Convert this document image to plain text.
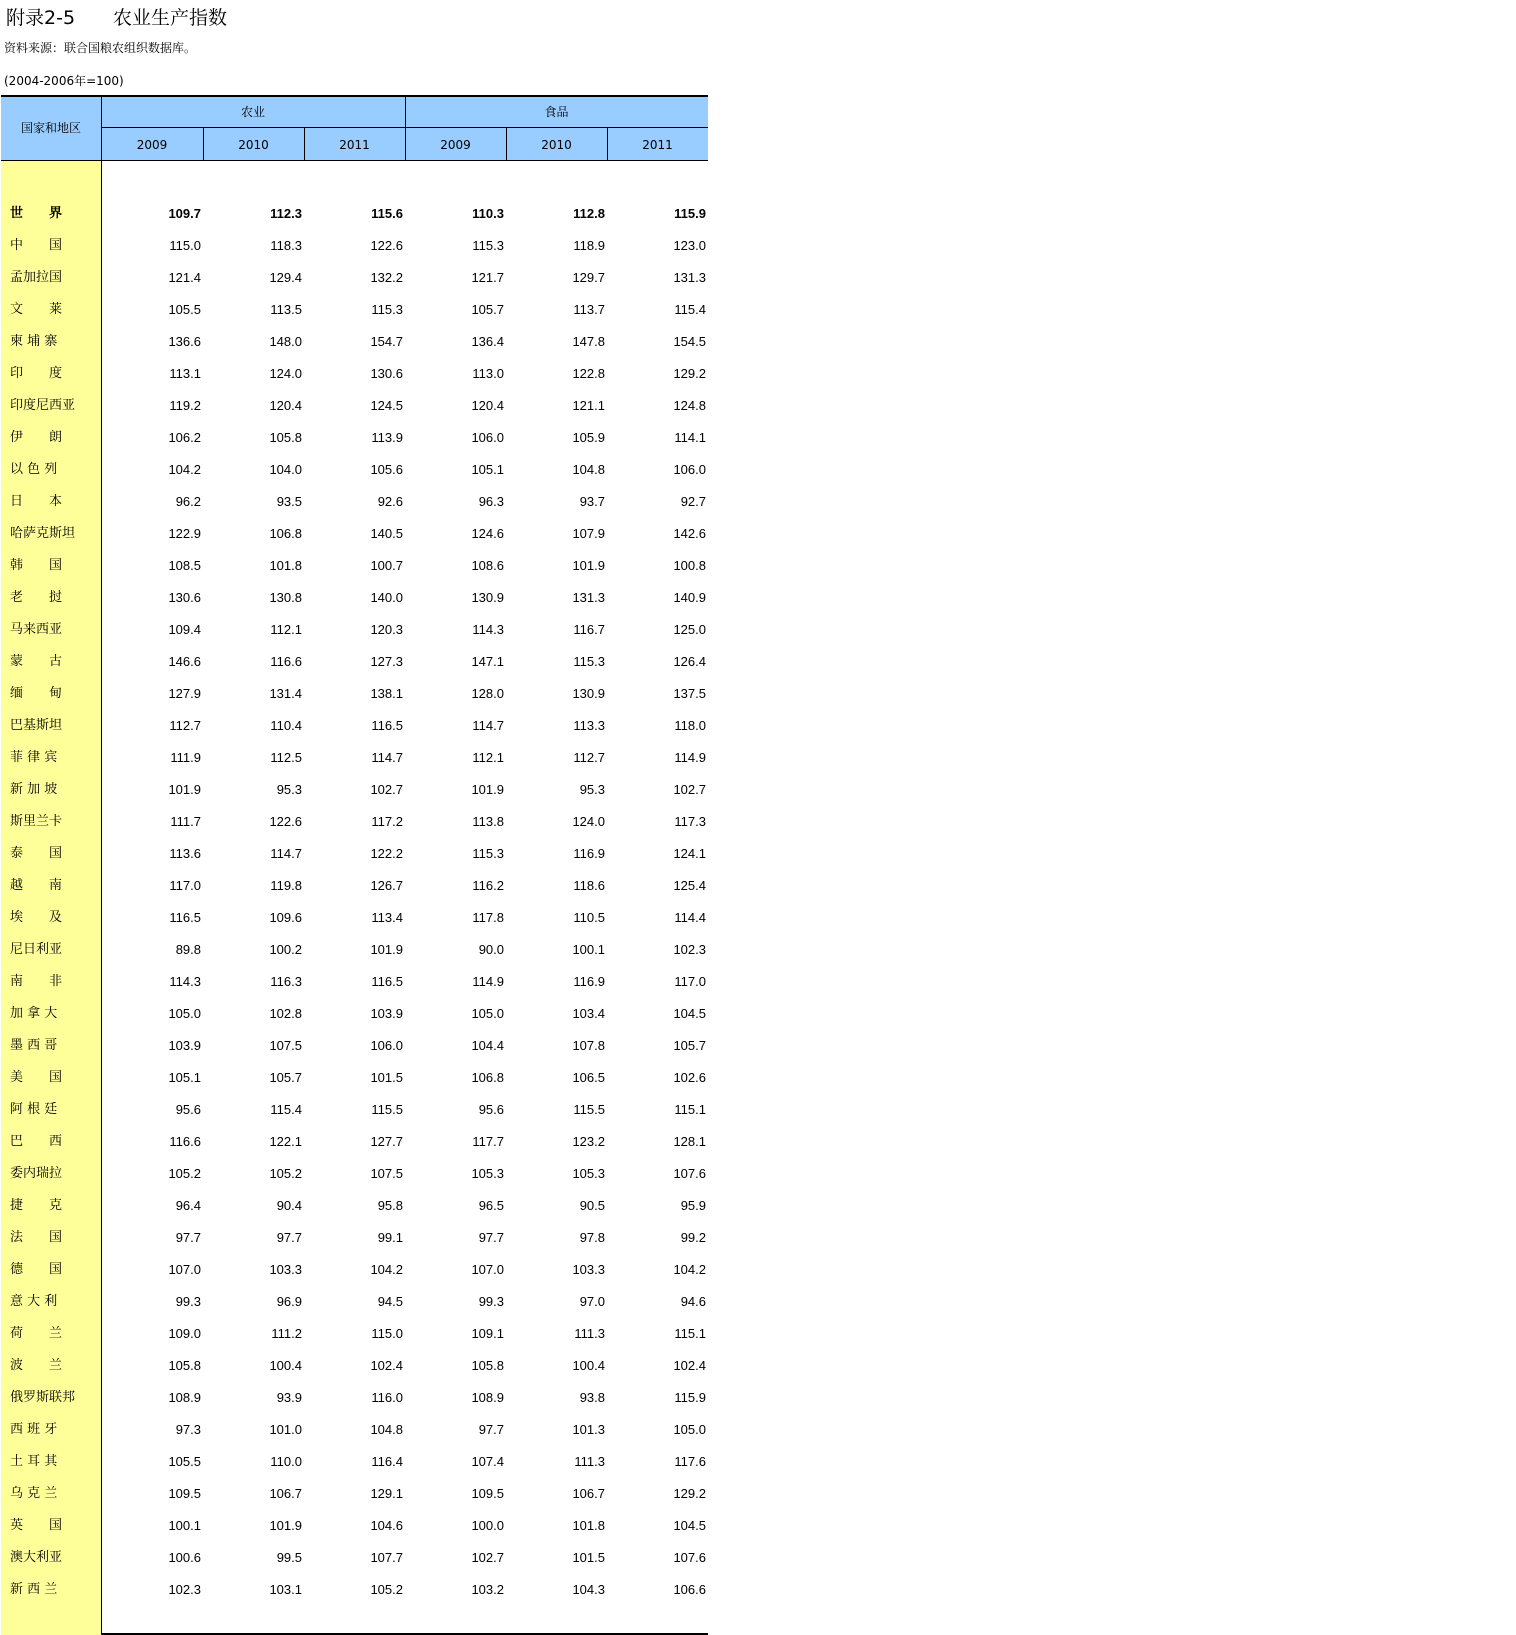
附录2-5　　农业生产指数
资料来源：联合国粮农组织数据库。
(2004-2006年=100)
国家和地区
农业	食品
2009	2010	2011	2009	2010	2011
世　　界	109.7	112.3	115.6	110.3	112.8	115.9
中　　国	115.0	118.3	122.6	115.3	118.9	123.0
孟加拉国	121.4	129.4	132.2	121.7	129.7	131.3
文　　莱	105.5	113.5	115.3	105.7	113.7	115.4
柬 埔 寨	136.6	148.0	154.7	136.4	147.8	154.5
印　　度	113.1	124.0	130.6	113.0	122.8	129.2
印度尼西亚	119.2	120.4	124.5	120.4	121.1	124.8
伊　　朗	106.2	105.8	113.9	106.0	105.9	114.1
以 色 列	104.2	104.0	105.6	105.1	104.8	106.0
日　　本	96.2	93.5	92.6	96.3	93.7	92.7
哈萨克斯坦	122.9	106.8	140.5	124.6	107.9	142.6
韩　　国	108.5	101.8	100.7	108.6	101.9	100.8
老　　挝	130.6	130.8	140.0	130.9	131.3	140.9
马来西亚	109.4	112.1	120.3	114.3	116.7	125.0
蒙　　古	146.6	116.6	127.3	147.1	115.3	126.4
缅　　甸	127.9	131.4	138.1	128.0	130.9	137.5
巴基斯坦	112.7	110.4	116.5	114.7	113.3	118.0
菲 律 宾	111.9	112.5	114.7	112.1	112.7	114.9
新 加 坡	101.9	95.3	102.7	101.9	95.3	102.7
斯里兰卡	111.7	122.6	117.2	113.8	124.0	117.3
泰　　国	113.6	114.7	122.2	115.3	116.9	124.1
越　　南	117.0	119.8	126.7	116.2	118.6	125.4
埃　　及	116.5	109.6	113.4	117.8	110.5	114.4
尼日利亚	89.8	100.2	101.9	90.0	100.1	102.3
南　　非	114.3	116.3	116.5	114.9	116.9	117.0
加 拿 大	105.0	102.8	103.9	105.0	103.4	104.5
墨 西 哥	103.9	107.5	106.0	104.4	107.8	105.7
美　　国	105.1	105.7	101.5	106.8	106.5	102.6
阿 根 廷	95.6	115.4	115.5	95.6	115.5	115.1
巴　　西	116.6	122.1	127.7	117.7	123.2	128.1
委内瑞拉	105.2	105.2	107.5	105.3	105.3	107.6
捷　　克	96.4	90.4	95.8	96.5	90.5	95.9
法　　国	97.7	97.7	99.1	97.7	97.8	99.2
德　　国	107.0	103.3	104.2	107.0	103.3	104.2
意 大 利	99.3	96.9	94.5	99.3	97.0	94.6
荷　　兰	109.0	111.2	115.0	109.1	111.3	115.1
波　　兰	105.8	100.4	102.4	105.8	100.4	102.4
俄罗斯联邦	108.9	93.9	116.0	108.9	93.8	115.9
西 班 牙	97.3	101.0	104.8	97.7	101.3	105.0
土 耳 其	105.5	110.0	116.4	107.4	111.3	117.6
乌 克 兰	109.5	106.7	129.1	109.5	106.7	129.2
英　　国	100.1	101.9	104.6	100.0	101.8	104.5
澳大利亚	100.6	99.5	107.7	102.7	101.5	107.6
新 西 兰	102.3	103.1	105.2	103.2	104.3	106.6
